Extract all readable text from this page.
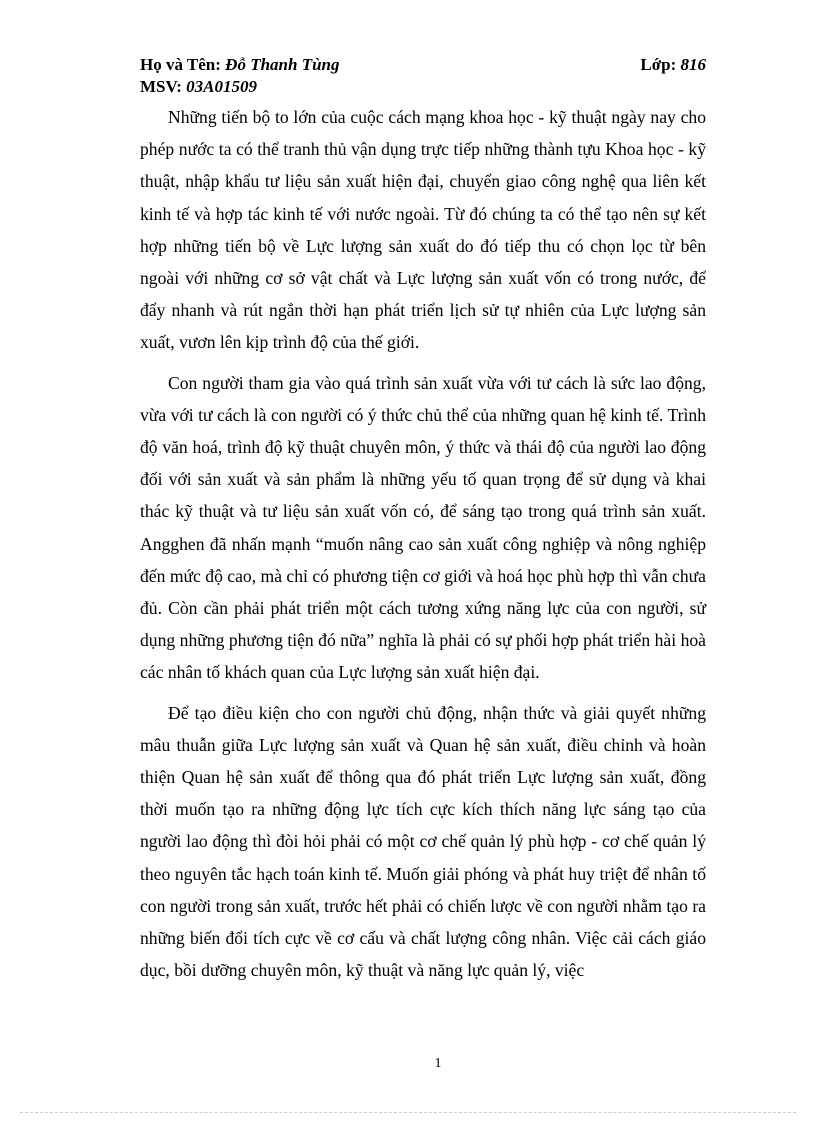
Họ và Tên: Đỗ Thanh Tùng	Lớp: 816
MSV: 03A01509

Những tiến bộ to lớn của cuộc cách mạng khoa học - kỹ thuật ngày nay cho phép nước ta có thể tranh thủ vận dụng trực tiếp những thành tựu Khoa học - kỹ thuật, nhập khẩu tư liệu sản xuất hiện đại, chuyển giao công nghệ qua liên kết kinh tế và hợp tác kinh tế với nước ngoài. Từ đó chúng ta có thể tạo nên sự kết hợp những tiến bộ về Lực lượng sản xuất do đó tiếp thu có chọn lọc từ bên ngoài với những cơ sở vật chất và Lực lượng sản xuất vốn có trong nước, để đẩy nhanh và rút ngắn thời hạn phát triển lịch sử tự nhiên của Lực lượng sản xuất, vươn lên kịp trình độ của thế giới.

Con người tham gia vào quá trình sản xuất vừa với tư cách là sức lao động, vừa với tư cách là con người có ý thức chủ thể của những quan hệ kinh tế. Trình độ văn hoá, trình độ kỹ thuật chuyên môn, ý thức và thái độ của người lao động đối với sản xuất và sản phẩm là những yếu tố quan trọng để sử dụng và khai thác kỹ thuật và tư liệu sản xuất vốn có, để sáng tạo trong quá trình sản xuất. Angghen đã nhấn mạnh “muốn nâng cao sản xuất công nghiệp và nông nghiệp đến mức độ cao, mà chỉ có phương tiện cơ giới và hoá học phù hợp thì vẫn chưa đủ. Còn cần phải phát triển một cách tương xứng năng lực của con người, sử dụng những phương tiện đó nữa” nghĩa là phải có sự phối hợp phát triển hài hoà các nhân tố khách quan của Lực lượng sản xuất hiện đại.

Để tạo điều kiện cho con người chủ động, nhận thức và giải quyết những mâu thuẫn giữa Lực lượng sản xuất và Quan hệ sản xuất, điều chỉnh và hoàn thiện Quan hệ sản xuất để thông qua đó phát triển Lực lượng sản xuất, đồng thời muốn tạo ra những động lực tích cực kích thích năng lực sáng tạo của người lao động thì đòi hỏi phải có một cơ chế quản lý phù hợp - cơ chế quản lý theo nguyên tắc hạch toán kinh tế. Muốn giải phóng và phát huy triệt để nhân tố con người trong sản xuất, trước hết phải có chiến lược về con người nhằm tạo ra những biến đổi tích cực về cơ cấu và chất lượng công nhân. Việc cải cách giáo dục, bồi dưỡng chuyên môn, kỹ thuật và năng lực quản lý, việc

1
